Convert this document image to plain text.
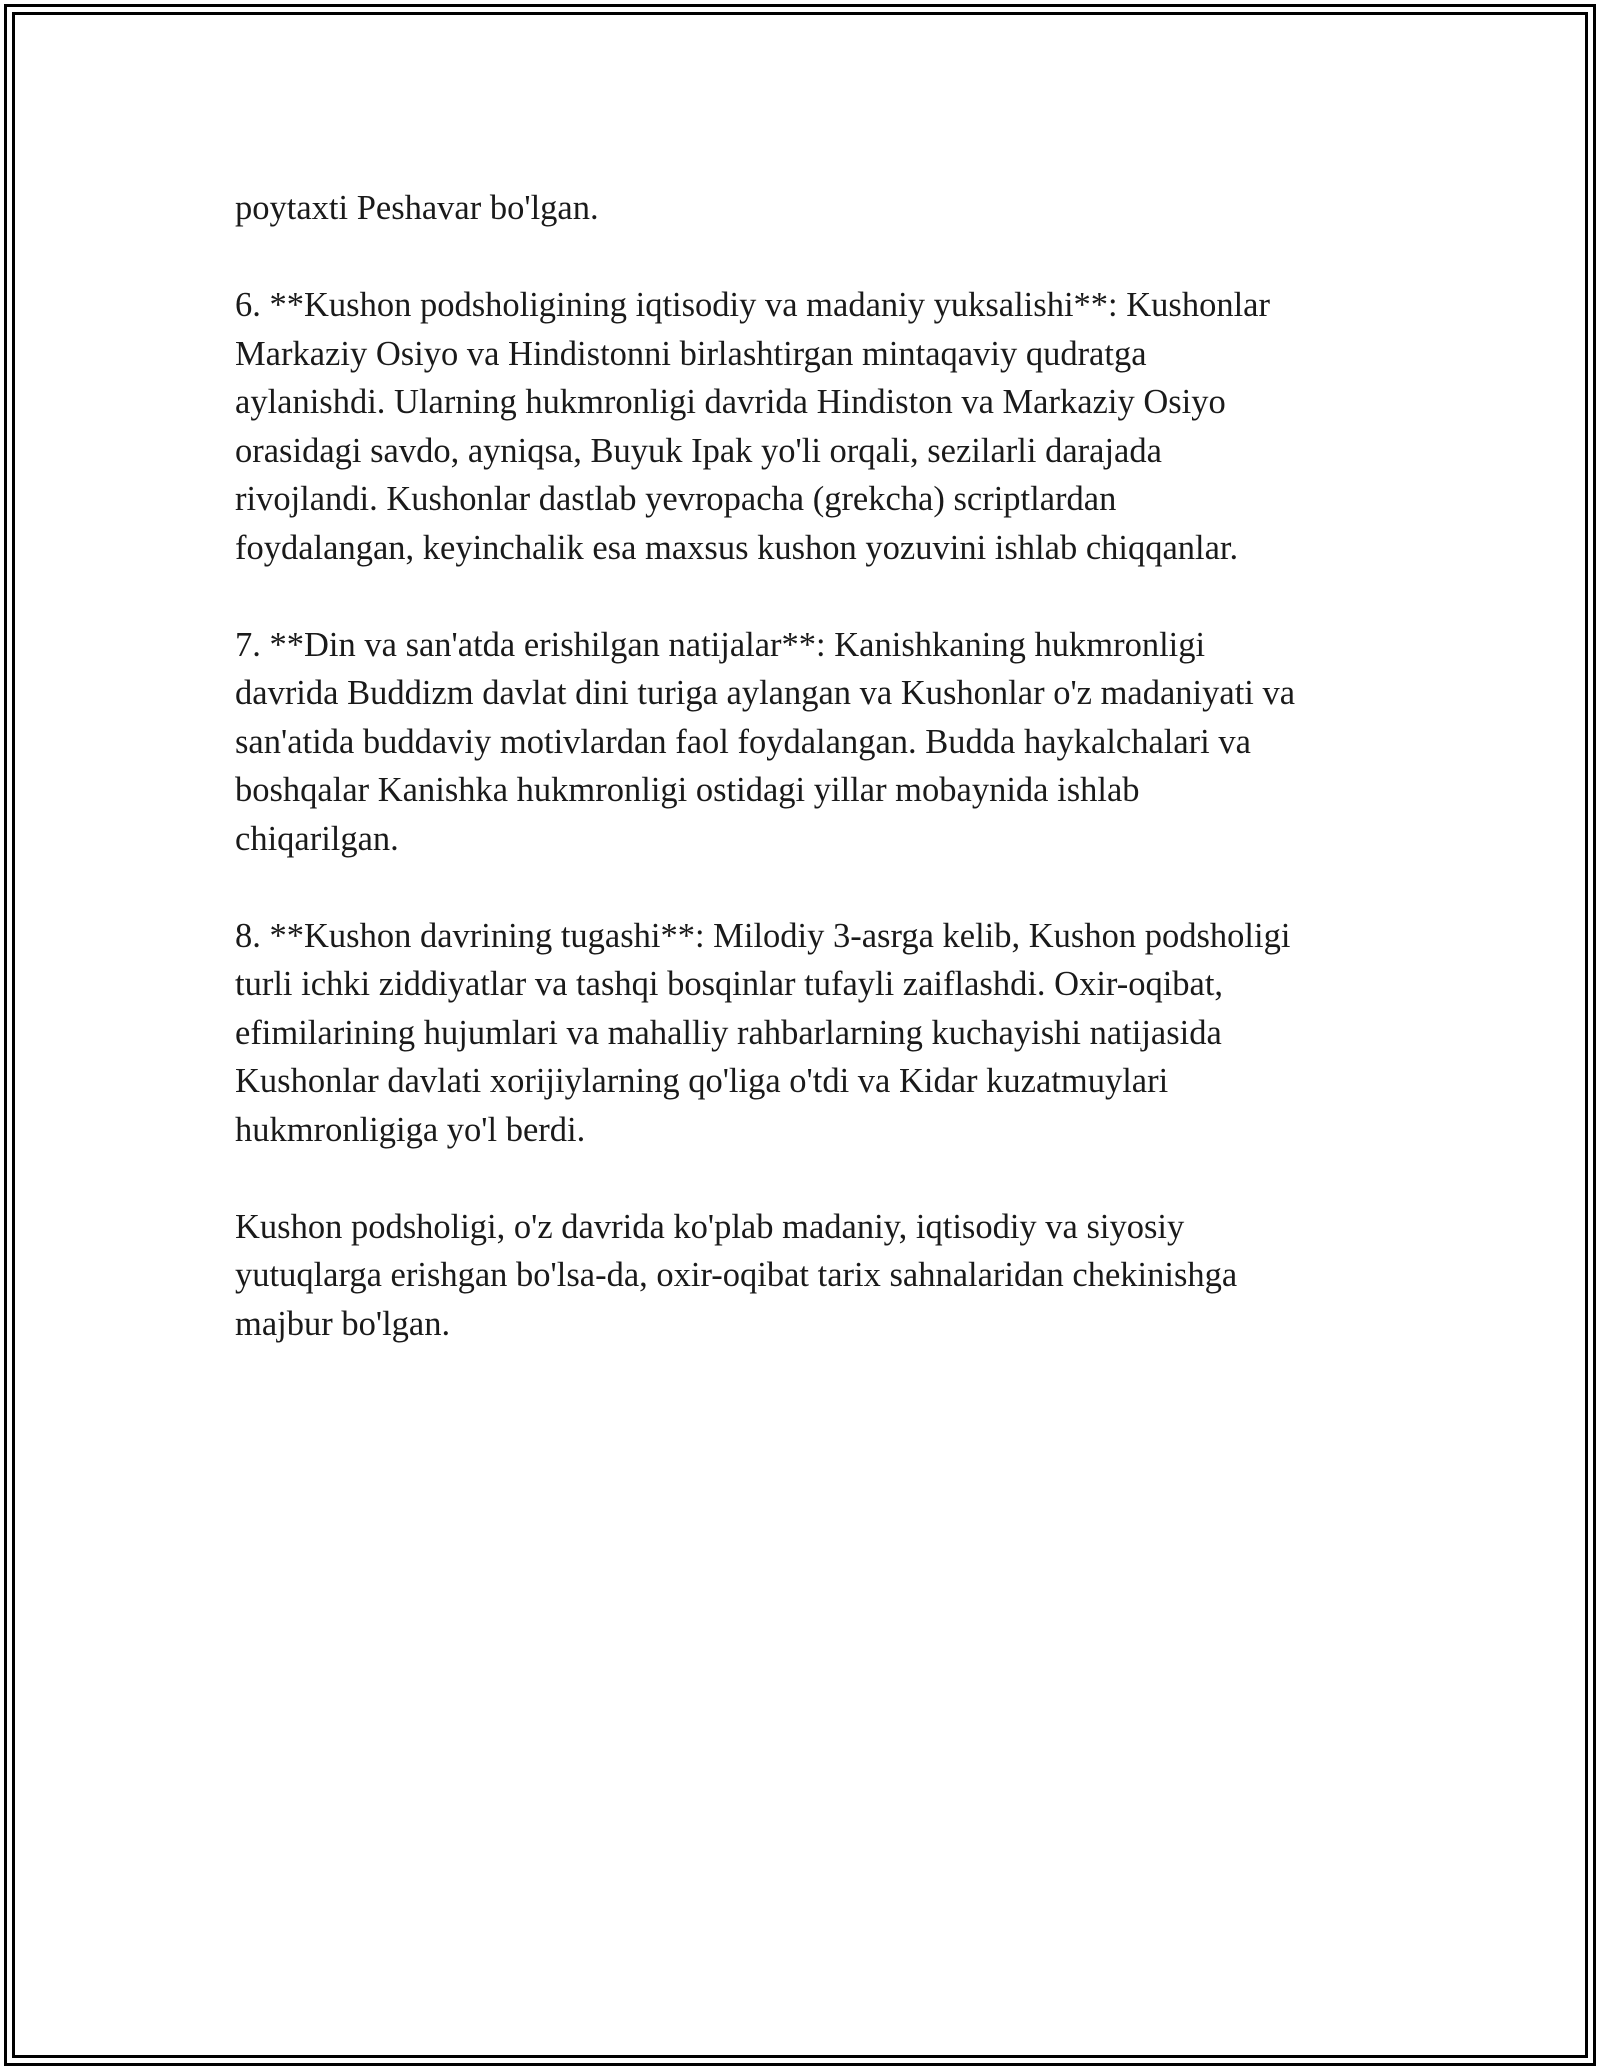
poytaxti Peshavar bo'lgan.

6. **Kushon podsholigining iqtisodiy va madaniy yuksalishi**: Kushonlar
Markaziy Osiyo va Hindistonni birlashtirgan mintaqaviy qudratga
aylanishdi. Ularning hukmronligi davrida Hindiston va Markaziy Osiyo
orasidagi savdo, ayniqsa, Buyuk Ipak yo'li orqali, sezilarli darajada
rivojlandi. Kushonlar dastlab yevropacha (grekcha) scriptlardan
foydalangan, keyinchalik esa maxsus kushon yozuvini ishlab chiqqanlar.

7. **Din va san'atda erishilgan natijalar**: Kanishkaning hukmronligi
davrida Buddizm davlat dini turiga aylangan va Kushonlar o'z madaniyati va
san'atida buddaviy motivlardan faol foydalangan. Budda haykalchalari va
boshqalar Kanishka hukmronligi ostidagi yillar mobaynida ishlab
chiqarilgan.

8. **Kushon davrining tugashi**: Milodiy 3-asrga kelib, Kushon podsholigi
turli ichki ziddiyatlar va tashqi bosqinlar tufayli zaiflashdi. Oxir-oqibat,
efimilarining hujumlari va mahalliy rahbarlarning kuchayishi natijasida
Kushonlar davlati xorijiylarning qo'liga o'tdi va Kidar kuzatmuylari
hukmronligiga yo'l berdi.

Kushon podsholigi, o'z davrida ko'plab madaniy, iqtisodiy va siyosiy
yutuqlarga erishgan bo'lsa-da, oxir-oqibat tarix sahnalaridan chekinishga
majbur bo'lgan.
